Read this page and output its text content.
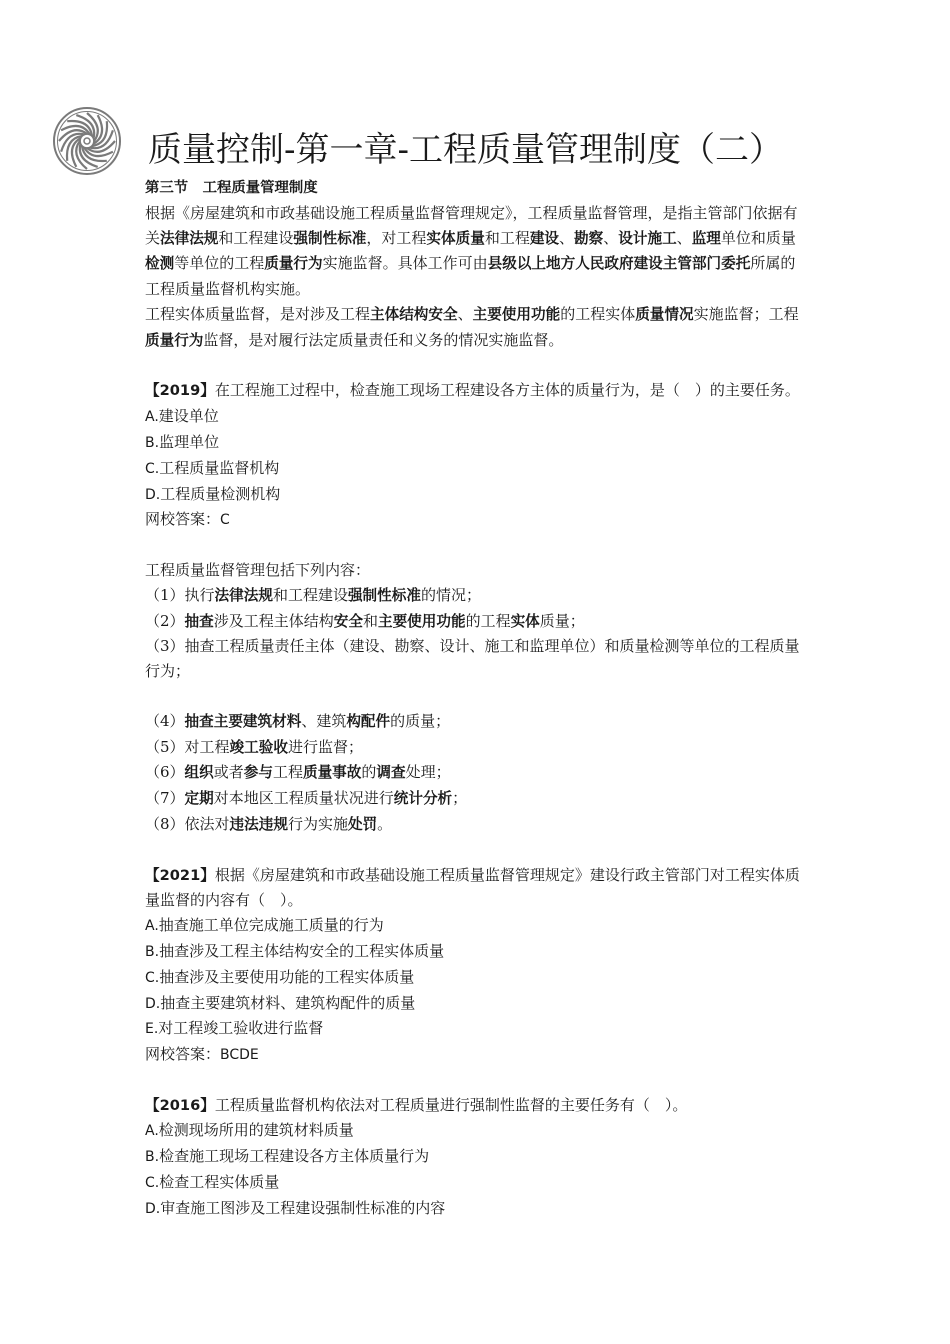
质量控制-第一章-工程质量管理制度（二）

第三节　工程质量管理制度

根据《房屋建筑和市政基础设施工程质量监督管理规定》，工程质量监督管理，是指主管部门依据有关法律法规和工程建设强制性标准，对工程实体质量和工程建设、勘察、设计施工、监理单位和质量检测等单位的工程质量行为实施监督。具体工作可由县级以上地方人民政府建设主管部门委托所属的工程质量监督机构实施。

工程实体质量监督，是对涉及工程主体结构安全、主要使用功能的工程实体质量情况实施监督；工程质量行为监督，是对履行法定质量责任和义务的情况实施监督。

【2019】在工程施工过程中，检查施工现场工程建设各方主体的质量行为，是（　）的主要任务。

A.建设单位

B.监理单位

C.工程质量监督机构

D.工程质量检测机构

网校答案：C

工程质量监督管理包括下列内容：

（1）执行法律法规和工程建设强制性标准的情况；

（2）抽查涉及工程主体结构安全和主要使用功能的工程实体质量；

（3）抽查工程质量责任主体（建设、勘察、设计、施工和监理单位）和质量检测等单位的工程质量行为；

（4）抽查主要建筑材料、建筑构配件的质量；

（5）对工程竣工验收进行监督；

（6）组织或者参与工程质量事故的调查处理；

（7）定期对本地区工程质量状况进行统计分析；

（8）依法对违法违规行为实施处罚。

【2021】根据《房屋建筑和市政基础设施工程质量监督管理规定》建设行政主管部门对工程实体质　量监督的内容有（　）。

A.抽查施工单位完成施工质量的行为

B.抽查涉及工程主体结构安全的工程实体质量

C.抽查涉及主要使用功能的工程实体质量

D.抽查主要建筑材料、建筑构配件的质量

E.对工程竣工验收进行监督

网校答案：BCDE

【2016】工程质量监督机构依法对工程质量进行强制性监督的主要任务有（　）。

A.检测现场所用的建筑材料质量

B.检查施工现场工程建设各方主体质量行为

C.检查工程实体质量

D.审查施工图涉及工程建设强制性标准的内容
